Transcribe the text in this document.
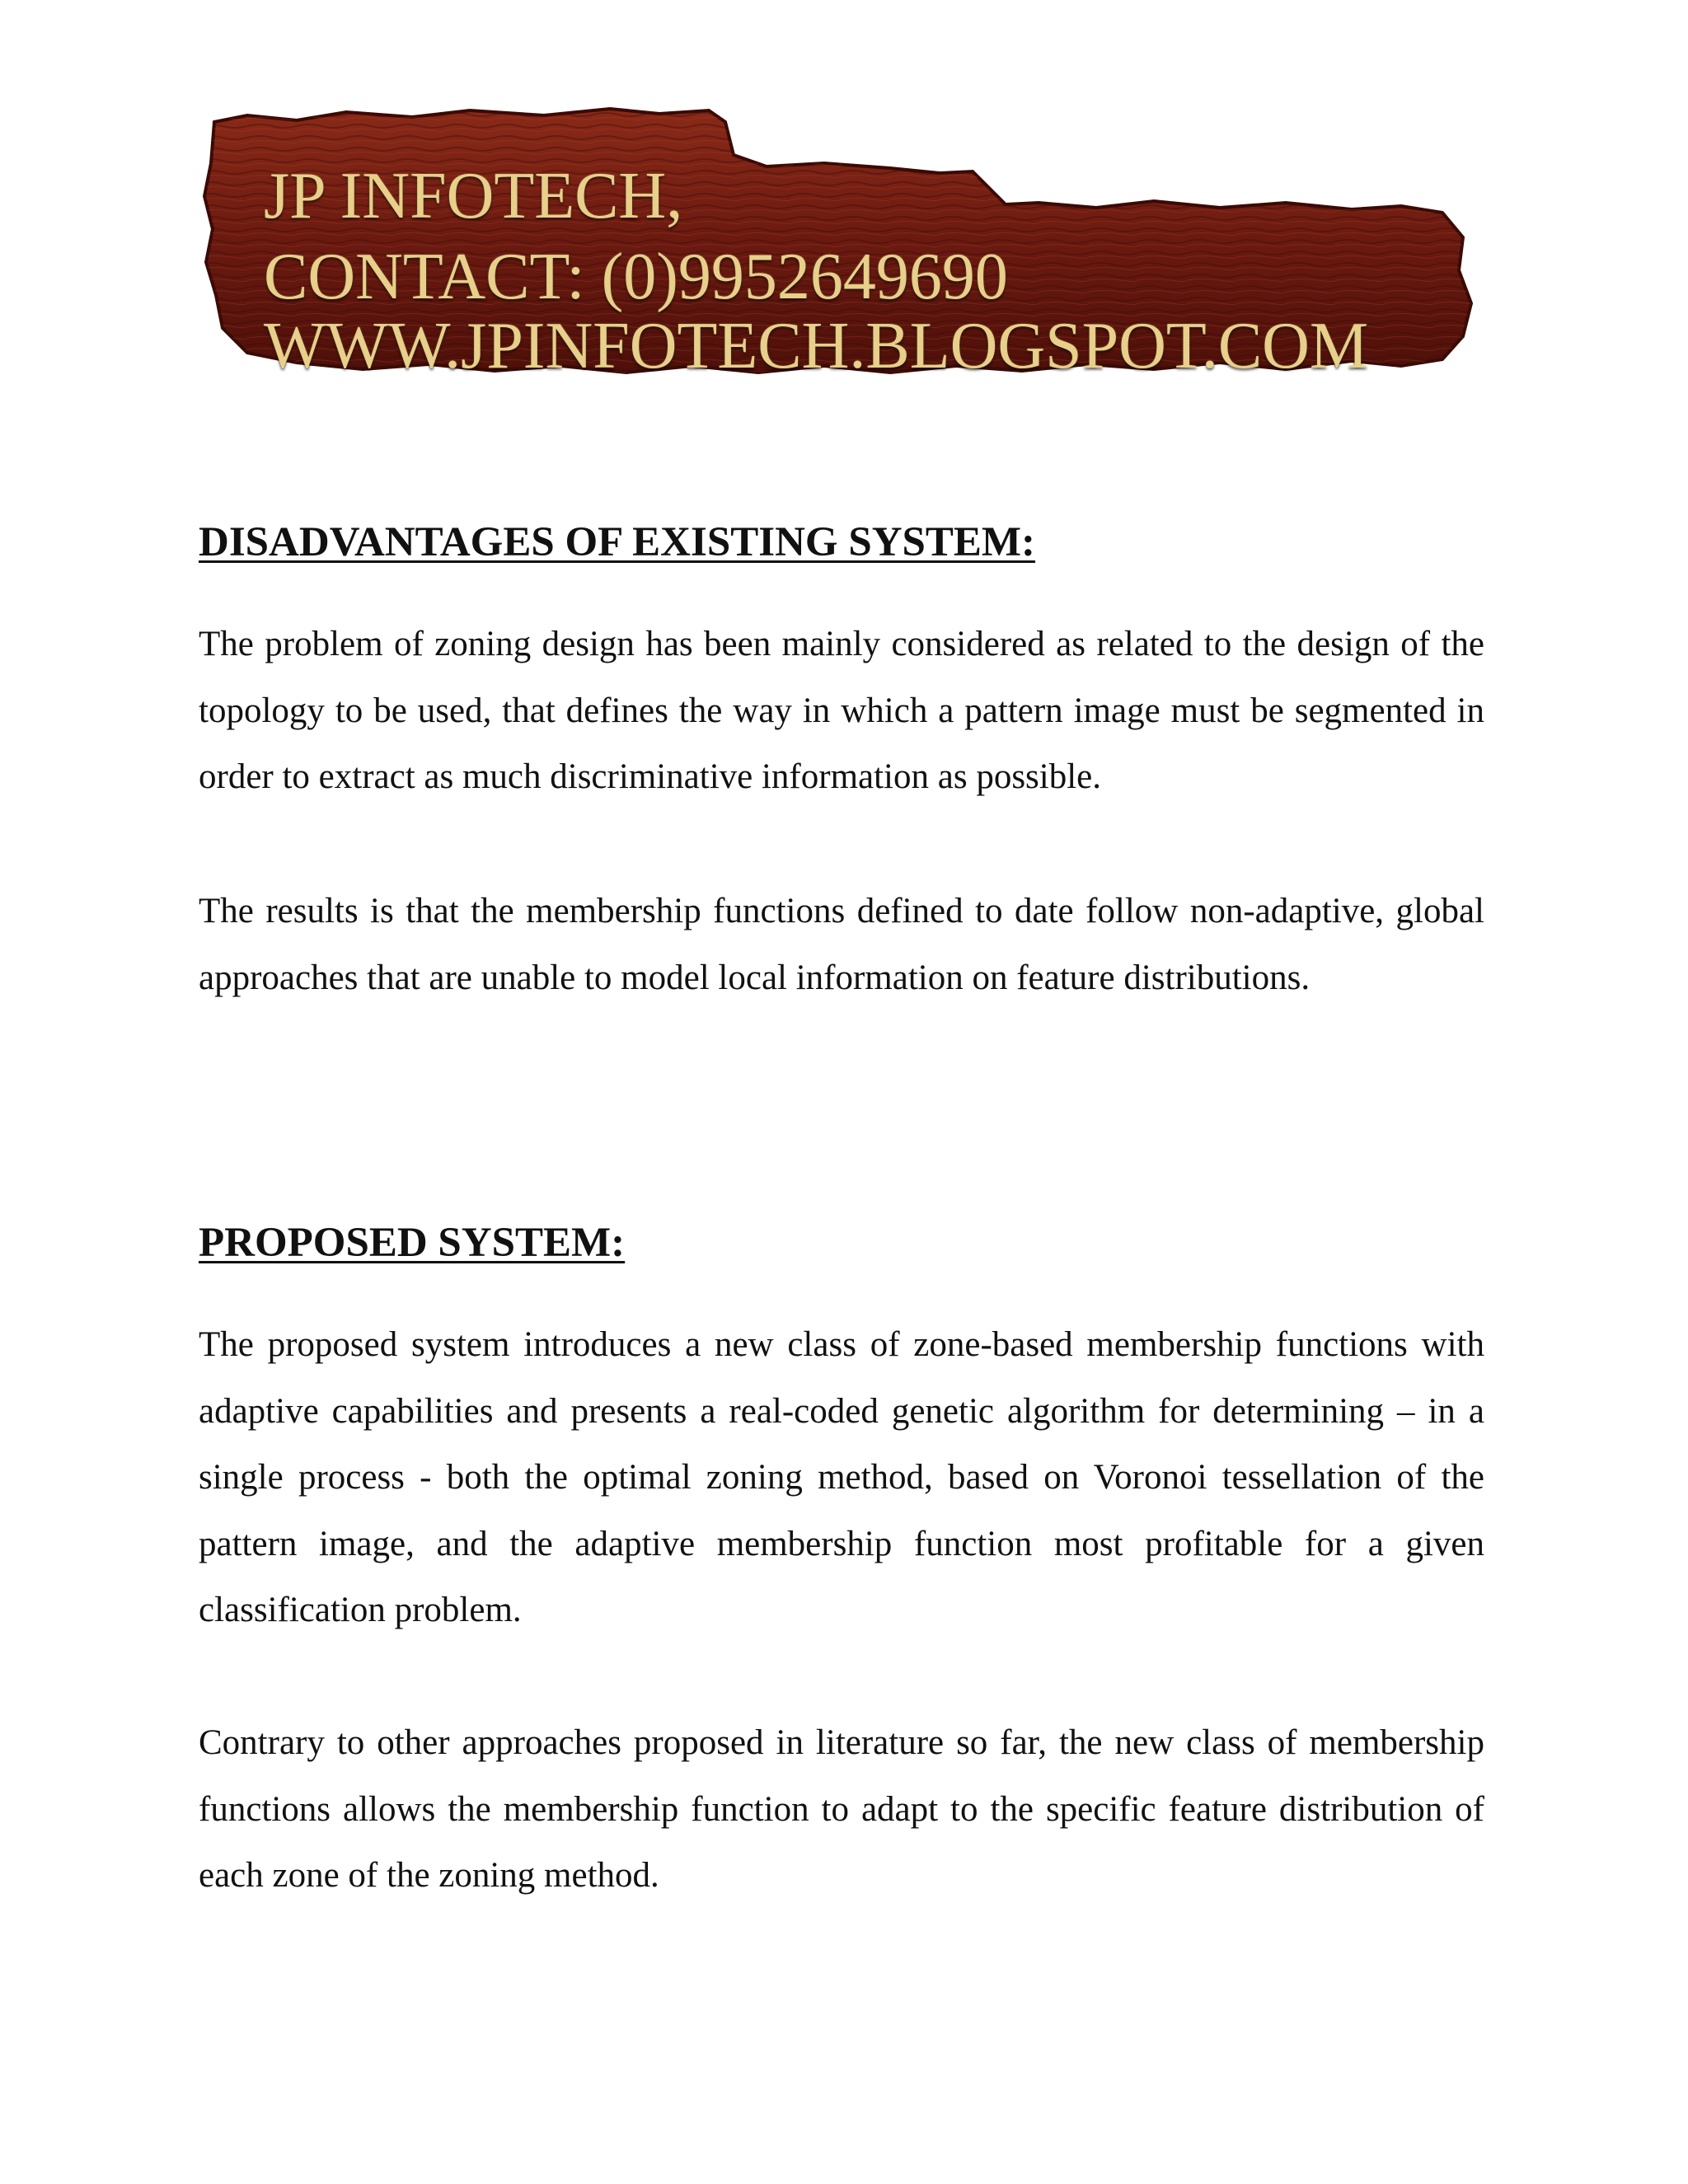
JP INFOTECH,
CONTACT: (0)9952649690
WWW.JPINFOTECH.BLOGSPOT.COM
DISADVANTAGES OF EXISTING SYSTEM:

The problem of zoning design has been mainly considered as related to the design of the topology to be used, that defines the way in which a pattern image must be segmented in order to extract as much discriminative information as possible.

The results is that the membership functions defined to date follow non-adaptive, global approaches that are unable to model local information on feature distributions.

PROPOSED SYSTEM:

The proposed system introduces a new class of zone-based membership functions with adaptive capabilities and presents a real-coded genetic algorithm for determining – in a single process - both the optimal zoning method, based on Voronoi tessellation of the pattern image, and the adaptive membership function most profitable for a given classification problem.

Contrary to other approaches proposed in literature so far, the new class of membership functions allows the membership function to adapt to the specific feature distribution of each zone of the zoning method.
